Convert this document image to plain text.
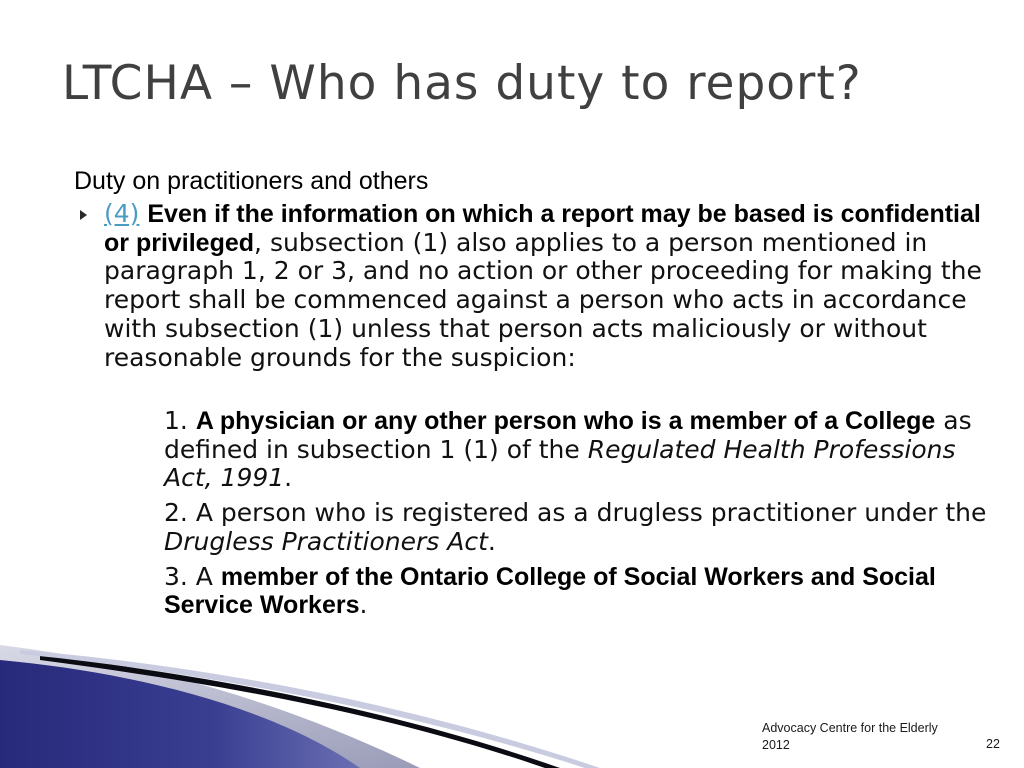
LTCHA – Who has duty to report?

Duty on practitioners and others

(4) Even if the information on which a report may be based is confidential or privileged, subsection (1) also applies to a person mentioned in paragraph 1, 2 or 3, and no action or other proceeding for making the report shall be commenced against a person who acts in accordance with subsection (1) unless that person acts maliciously or without reasonable grounds for the suspicion:

1. A physician or any other person who is a member of a College as defined in subsection 1 (1) of the Regulated Health Professions Act, 1991.

2. A person who is registered as a drugless practitioner under the Drugless Practitioners Act.

3. A member of the Ontario College of Social Workers and Social Service Workers.

Advocacy Centre for the Elderly 2012	22
